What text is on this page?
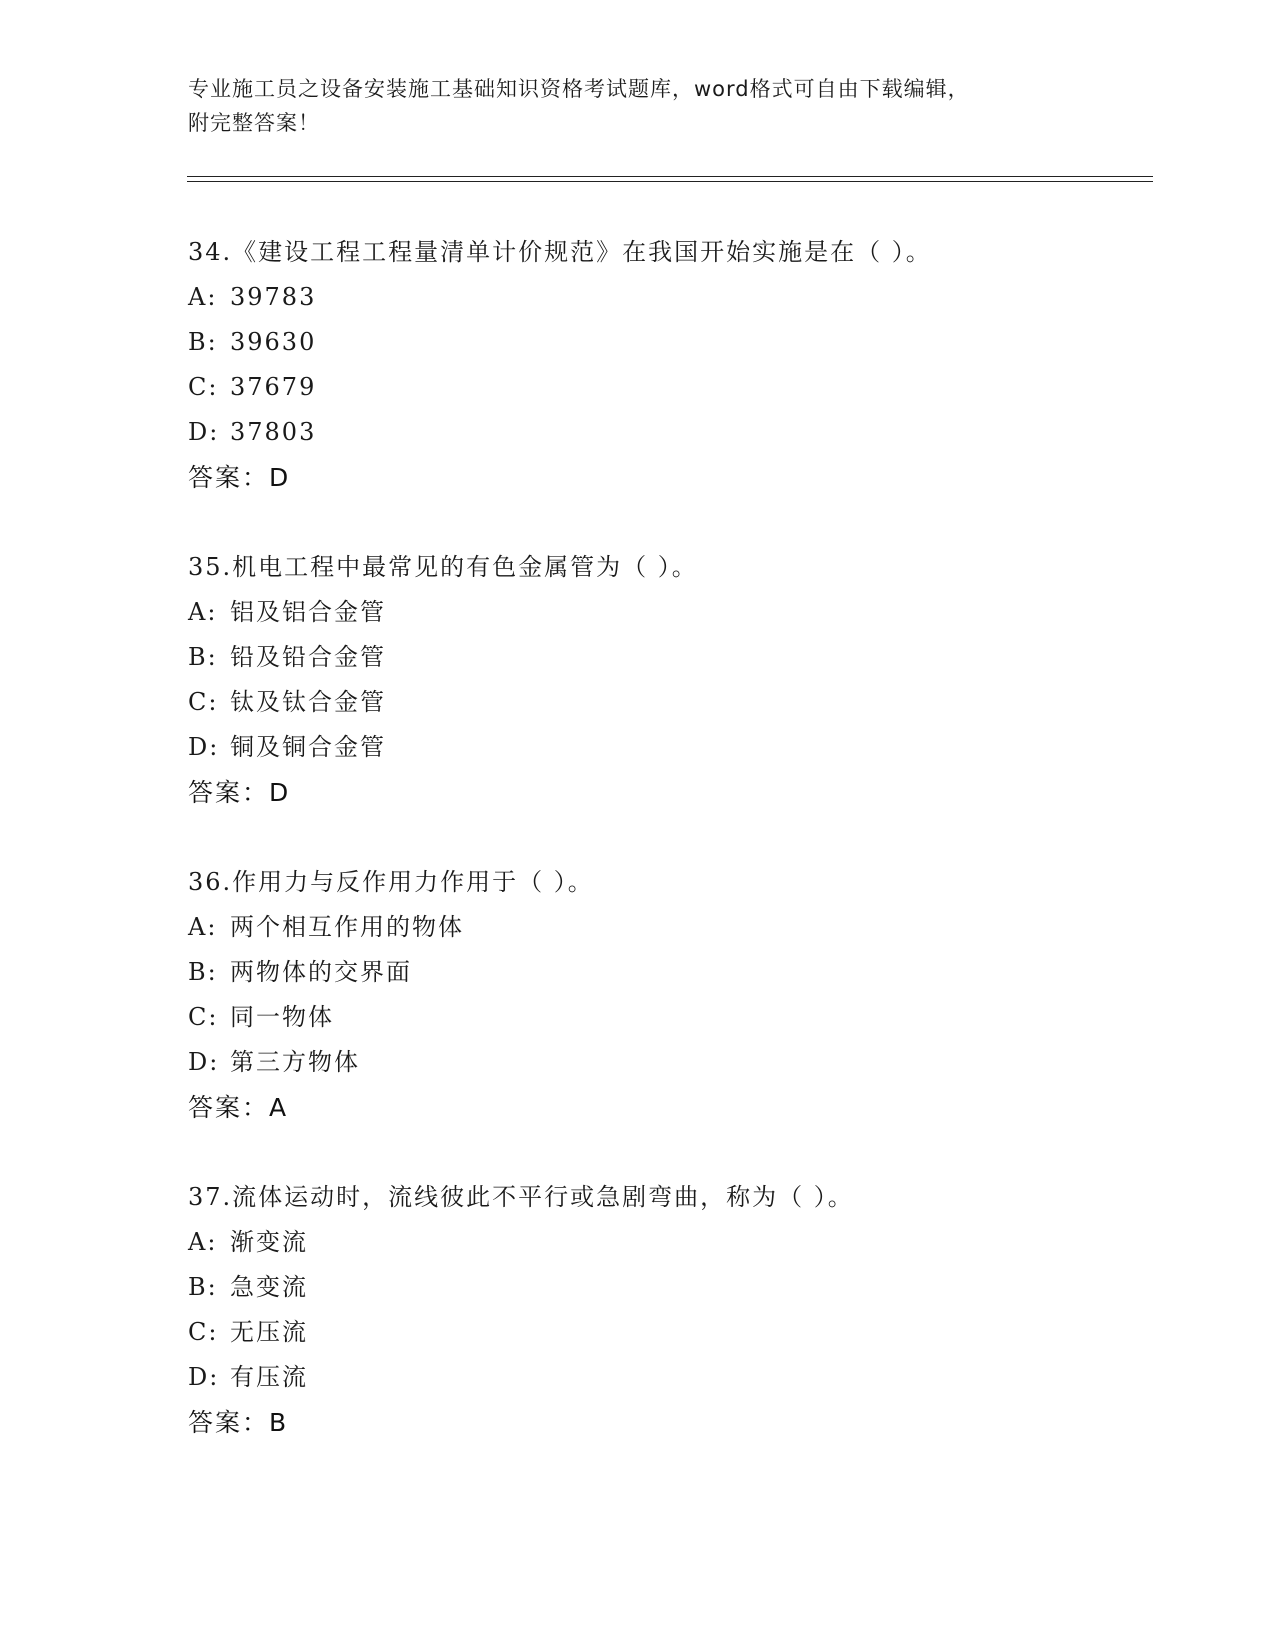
专业施工员之设备安装施工基础知识资格考试题库，word格式可自由下载编辑，
附完整答案！
34.《建设工程工程量清单计价规范》在我国开始实施是在（ ）。
A: 39783
B: 39630
C: 37679
D: 37803
答案：D
35.机电工程中最常见的有色金属管为（ ）。
A: 铝及铝合金管
B: 铅及铅合金管
C: 钛及钛合金管
D: 铜及铜合金管
答案：D
36.作用力与反作用力作用于（ ）。
A: 两个相互作用的物体
B: 两物体的交界面
C: 同一物体
D: 第三方物体
答案：A
37.流体运动时，流线彼此不平行或急剧弯曲，称为（ ）。
A: 渐变流
B: 急变流
C: 无压流
D: 有压流
答案：B
